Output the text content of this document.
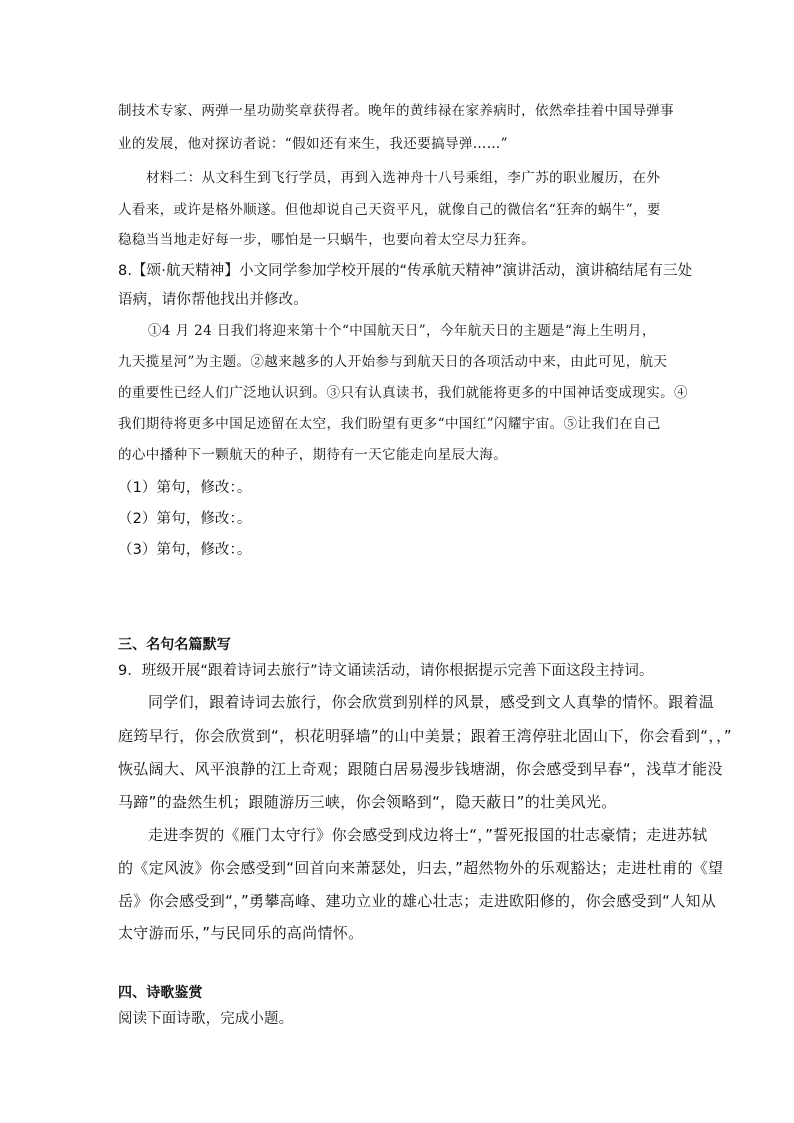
制技术专家、两弹一星功勋奖章获得者。晚年的黄纬禄在家养病时，依然牵挂着中国导弹事
业的发展，他对探访者说：“假如还有来生，我还要搞导弹……”
材料二：从文科生到飞行学员，再到入选神舟十八号乘组，李广苏的职业履历，在外
人看来，或许是格外顺遂。但他却说自己天资平凡，就像自己的微信名“狂奔的蜗牛”，要
稳稳当当地走好每一步，哪怕是一只蜗牛，也要向着太空尽力狂奔。
8.【颂·航天精神】小文同学参加学校开展的“传承航天精神”演讲活动，演讲稿结尾有三处
语病，请你帮他找出并修改。
①4 月 24 日我们将迎来第十个“中国航天日”，今年航天日的主题是“海上生明月，
九天揽星河”为主题。②越来越多的人开始参与到航天日的各项活动中来，由此可见，航天
的重要性已经人们广泛地认识到。③只有认真读书，我们就能将更多的中国神话变成现实。④
我们期待将更多中国足迹留在太空，我们盼望有更多“中国红”闪耀宇宙。⑤让我们在自己
的心中播种下一颗航天的种子，期待有一天它能走向星辰大海。
（1）第句，修改：。
（2）第句，修改：。
（3）第句，修改：。
三、名句名篇默写
9．班级开展“跟着诗词去旅行”诗文诵读活动，请你根据提示完善下面这段主持词。
同学们，跟着诗词去旅行，你会欣赏到别样的风景，感受到文人真挚的情怀。跟着温
庭筠早行，你会欣赏到“，枳花明驿墙”的山中美景；跟着王湾停驻北固山下，你会看到“，，”
恢弘阔大、风平浪静的江上奇观；跟随白居易漫步钱塘湖，你会感受到早春“，浅草才能没
马蹄”的盎然生机；跟随游历三峡，你会领略到“，隐天蔽日”的壮美风光。
走进李贺的《雁门太守行》你会感受到戍边将士“，”誓死报国的壮志豪情；走进苏轼
的《定风波》你会感受到“回首向来萧瑟处，归去，”超然物外的乐观豁达；走进杜甫的《望
岳》你会感受到“，”勇攀高峰、建功立业的雄心壮志；走进欧阳修的，你会感受到“人知从
太守游而乐，”与民同乐的高尚情怀。
四、诗歌鉴赏
阅读下面诗歌，完成小题。
